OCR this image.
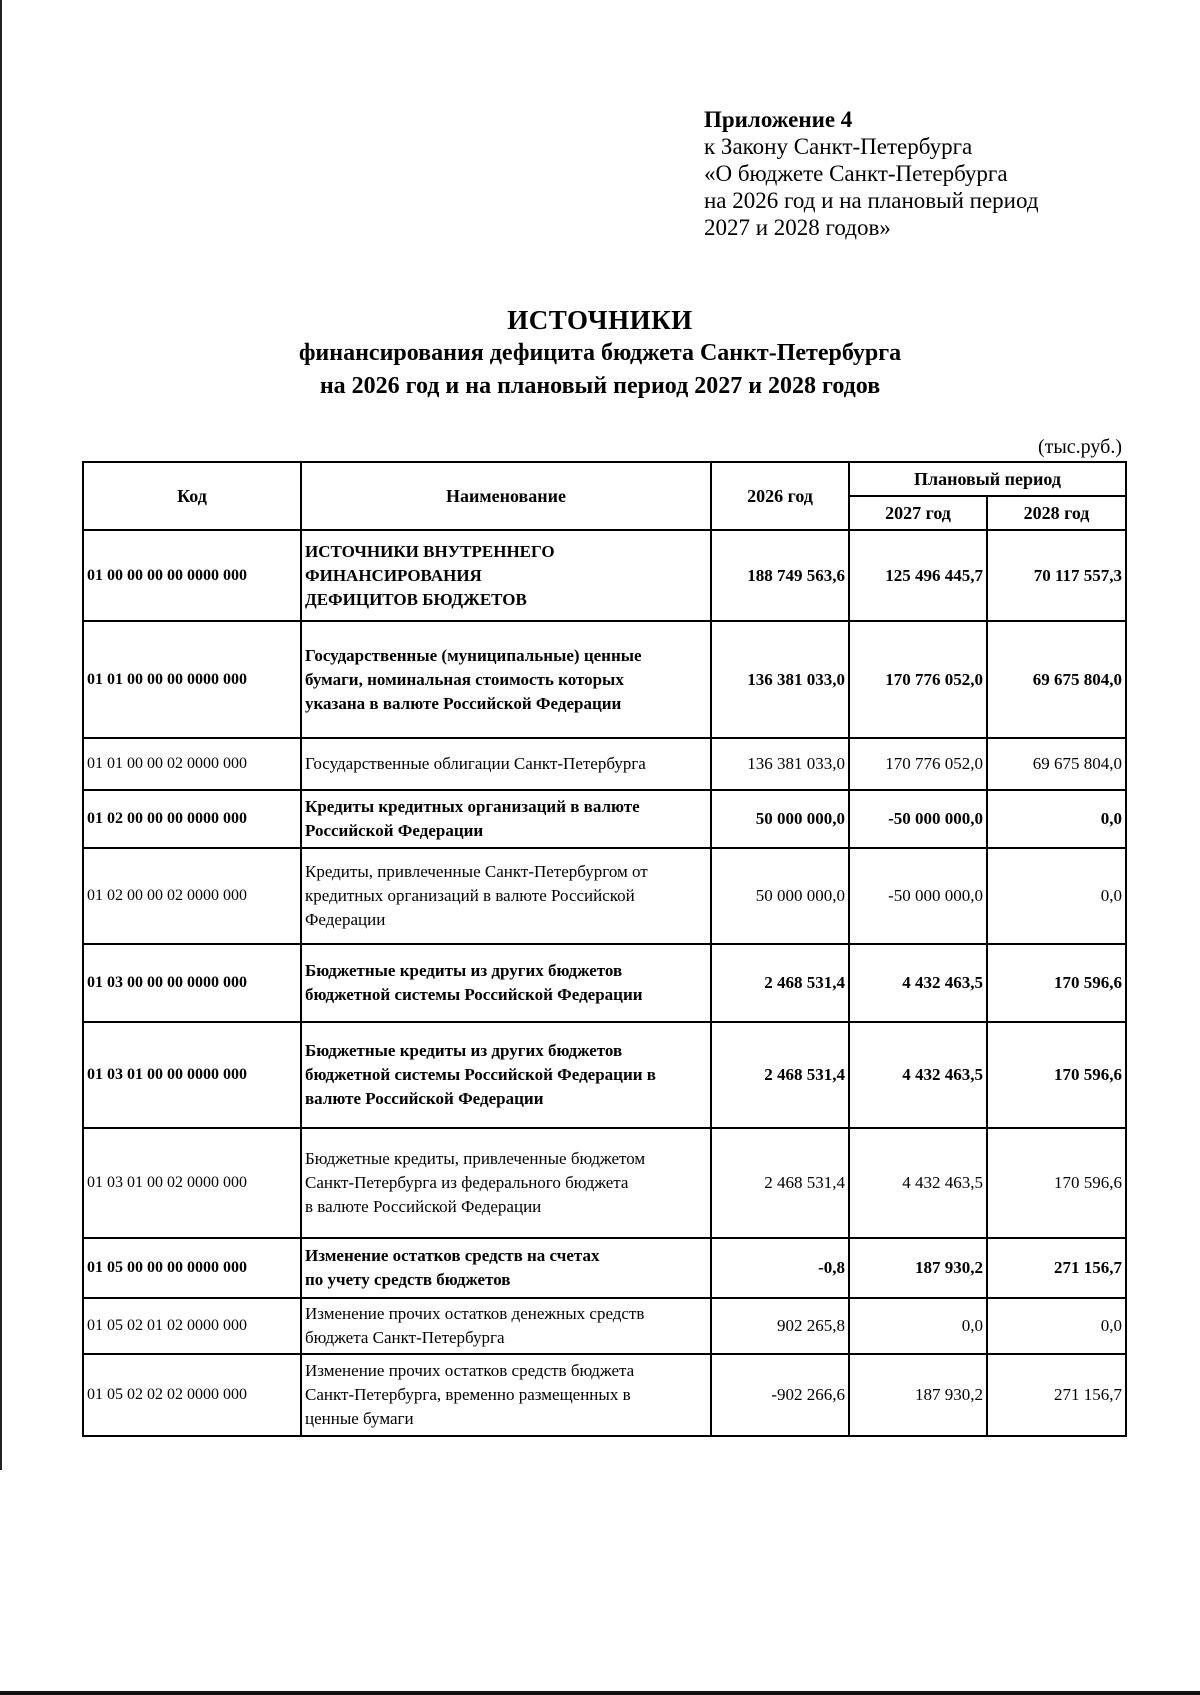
Приложение 4
к Закону Санкт-Петербурга
«О бюджете Санкт-Петербурга
на 2026 год и на плановый период
2027 и 2028 годов»
ИСТОЧНИКИ
финансирования дефицита бюджета Санкт-Петербурга
на 2026 год и на плановый период 2027 и 2028 годов
(тыс.руб.)
Код	Наименование	2026 год	Плановый период	
			2027 год	2028 год
01 00 00 00 00 0000 000	ИСТОЧНИКИ ВНУТРЕННЕГО
ФИНАНСИРОВАНИЯ
ДЕФИЦИТОВ БЮДЖЕТОВ	188 749 563,6	125 496 445,7	70 117 557,3
01 01 00 00 00 0000 000	Государственные (муниципальные) ценные
бумаги, номинальная стоимость которых
указана в валюте Российской Федерации	136 381 033,0	170 776 052,0	69 675 804,0
01 01 00 00 02 0000 000	Государственные облигации Санкт-Петербурга	136 381 033,0	170 776 052,0	69 675 804,0
01 02 00 00 00 0000 000	Кредиты кредитных организаций в валюте
Российской Федерации	50 000 000,0	-50 000 000,0	0,0
01 02 00 00 02 0000 000	Кредиты, привлеченные Санкт-Петербургом от
кредитных организаций в валюте Российской
Федерации	50 000 000,0	-50 000 000,0	0,0
01 03 00 00 00 0000 000	Бюджетные кредиты из других бюджетов
бюджетной системы Российской Федерации	2 468 531,4	4 432 463,5	170 596,6
01 03 01 00 00 0000 000	Бюджетные кредиты из других бюджетов
бюджетной системы Российской Федерации в
валюте Российской Федерации	2 468 531,4	4 432 463,5	170 596,6
01 03 01 00 02 0000 000	Бюджетные кредиты, привлеченные бюджетом
Санкт-Петербурга из федерального бюджета
в валюте Российской Федерации	2 468 531,4	4 432 463,5	170 596,6
01 05 00 00 00 0000 000	Изменение остатков средств на счетах
по учету средств бюджетов	-0,8	187 930,2	271 156,7
01 05 02 01 02 0000 000	Изменение прочих остатков денежных средств
бюджета Санкт-Петербурга	902 265,8	0,0	0,0
01 05 02 02 02 0000 000	Изменение прочих остатков средств бюджета
Санкт-Петербурга, временно размещенных в
ценные бумаги	-902 266,6	187 930,2	271 156,7
